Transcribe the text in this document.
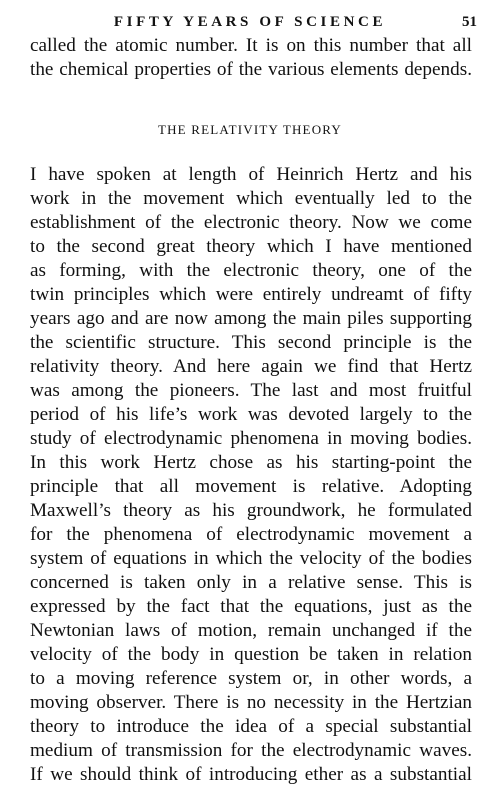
FIFTY YEARS OF SCIENCE	51
called the atomic number. It is on this number that all
the chemical properties of the various elements depends.
THE RELATIVITY THEORY
I have spoken at length of Heinrich Hertz and his
work in the movement which eventually led to the
establishment of the electronic theory. Now we come
to the second great theory which I have mentioned
as forming, with the electronic theory, one of the
twin principles which were entirely undreamt of fifty
years ago and are now among the main piles supporting
the scientific structure. This second principle is the
relativity theory. And here again we find that Hertz
was among the pioneers. The last and most fruitful
period of his life’s work was devoted largely to the
study of electrodynamic phenomena in moving bodies.
In this work Hertz chose as his starting-point the
principle that all movement is relative. Adopting
Maxwell’s theory as his groundwork, he formulated
for the phenomena of electrodynamic movement a
system of equations in which the velocity of the bodies
concerned is taken only in a relative sense. This is
expressed by the fact that the equations, just as the
Newtonian laws of motion, remain unchanged if the
velocity of the body in question be taken in relation
to a moving reference system or, in other words, a
moving observer. There is no necessity in the Hertzian
theory to introduce the idea of a special substantial
medium of transmission for the electrodynamic waves.
If we should think of introducing ether as a substantial
